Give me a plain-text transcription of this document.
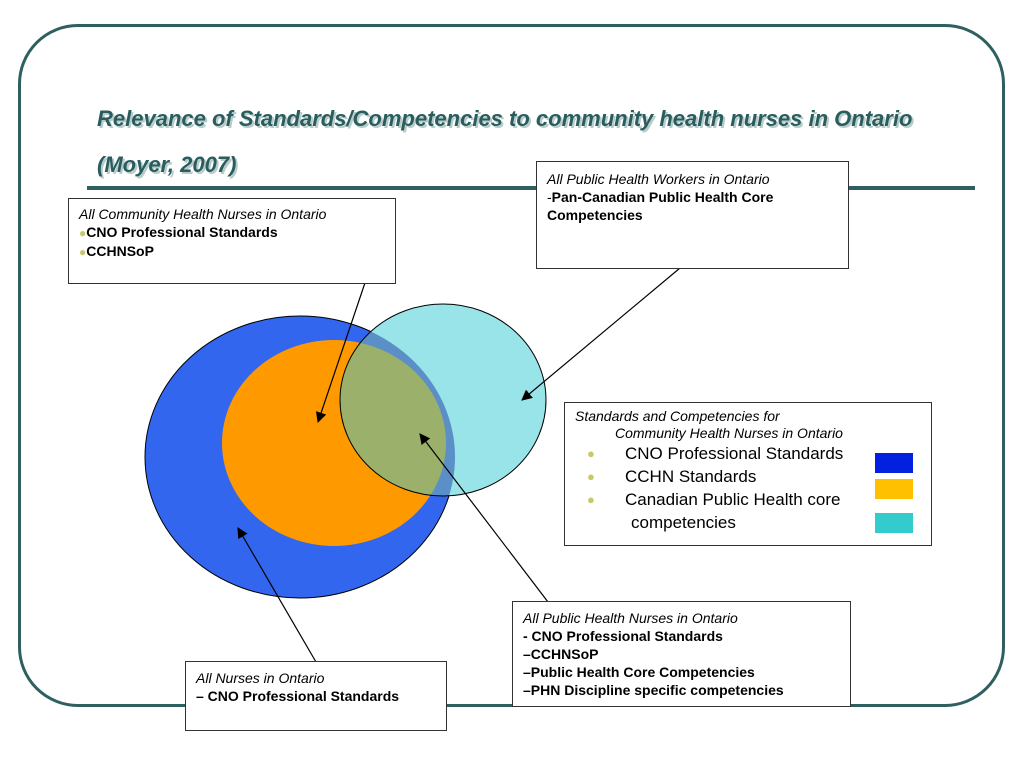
Relevance of Standards/Competencies to community health nurses in Ontario (Moyer, 2007)
All Community Health Nurses in Ontario
●CNO Professional Standards
●CCHNSoP
All Public Health Workers in Ontario
-Pan-Canadian Public Health Core Competencies
Standards and Competencies for
Community Health Nurses in Ontario
● CNO Professional Standards
● CCHN Standards
● Canadian Public Health core
competencies
All Public Health Nurses in Ontario
- CNO Professional Standards
–CCHNSoP
–Public Health Core Competencies
–PHN Discipline specific competencies
All Nurses in Ontario
– CNO Professional Standards
